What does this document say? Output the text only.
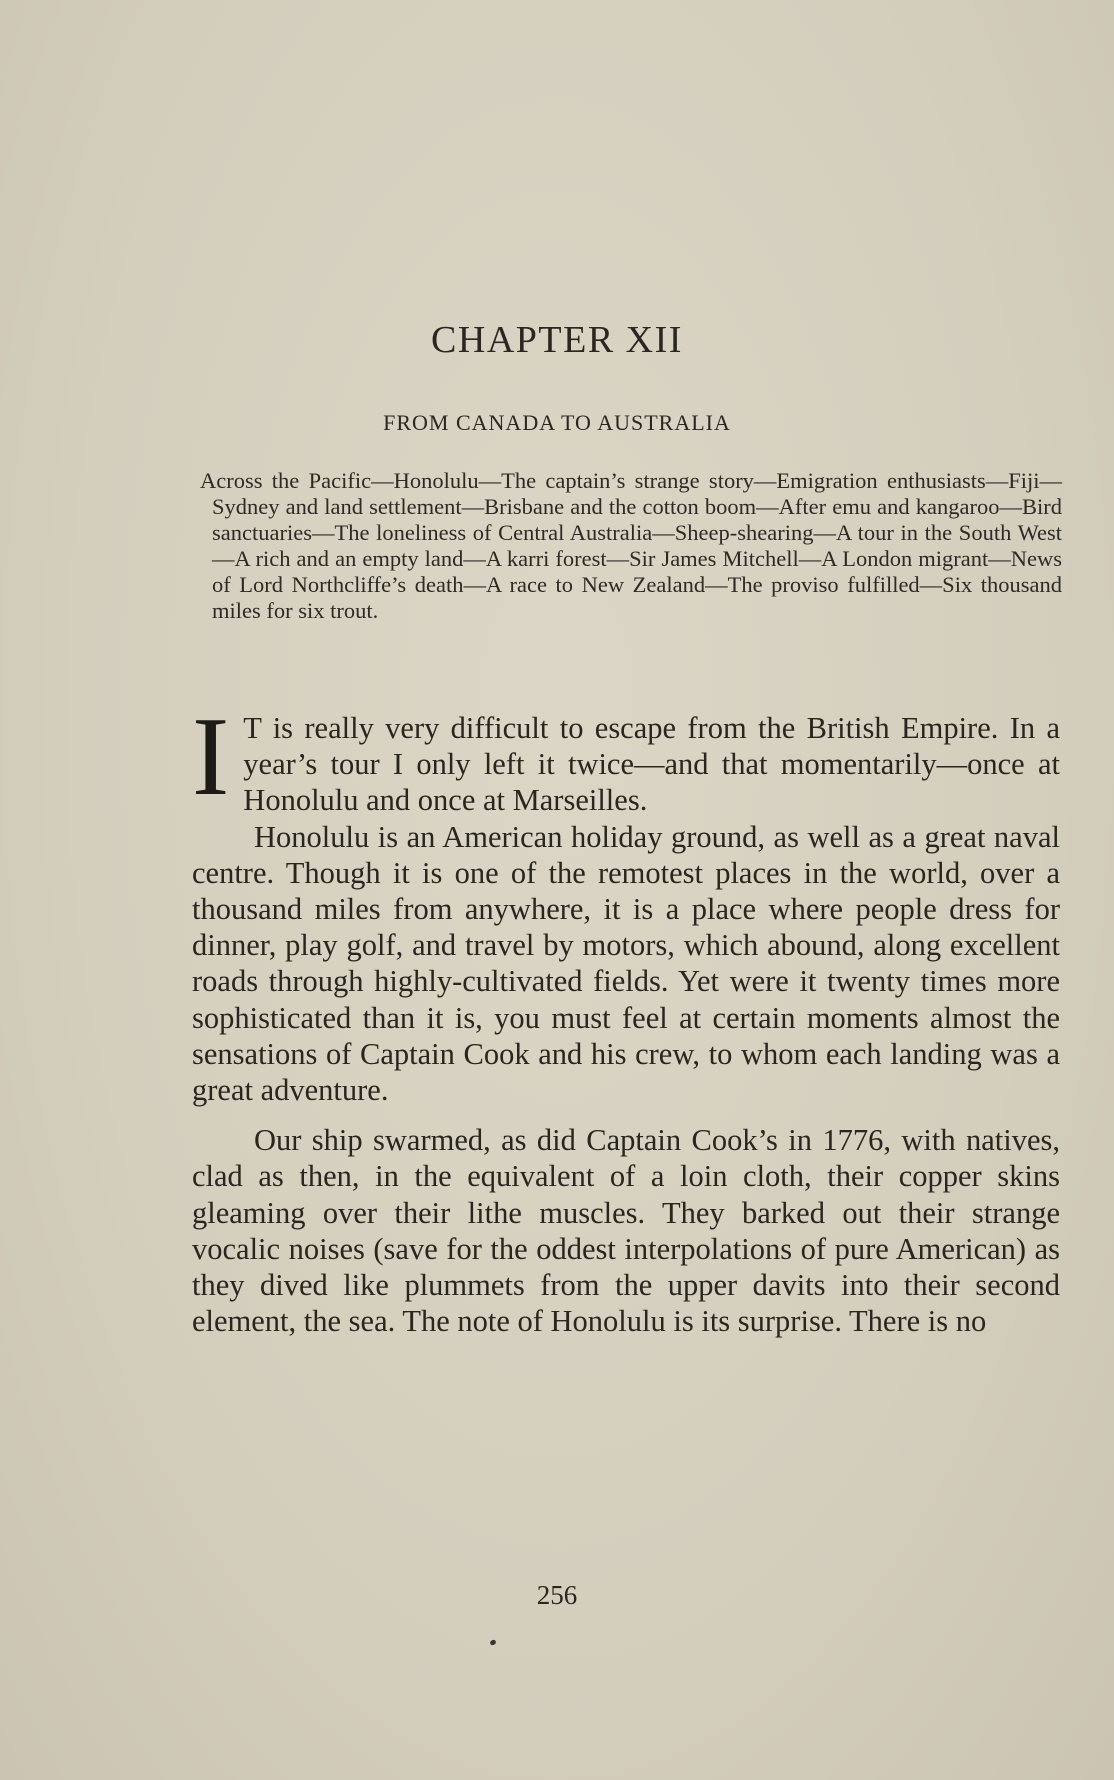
CHAPTER XII
FROM CANADA TO AUSTRALIA
Across the Pacific—Honolulu—The captain’s strange story—Emigration enthusiasts—Fiji—Sydney and land settlement—Brisbane and the cotton boom—After emu and kangaroo—Bird sanctuaries—The loneliness of Central Australia—Sheep-shearing—A tour in the South West—A rich and an empty land—A karri forest—Sir James Mitchell—A London migrant—News of Lord Northcliffe’s death—A race to New Zealand—The proviso fulfilled—Six thousand miles for six trout.

I T is really very difficult to escape from the British Empire. In a year’s tour I only left it twice—and that momentarily—once at Honolulu and once at Marseilles.

Honolulu is an American holiday ground, as well as a great naval centre. Though it is one of the remotest places in the world, over a thousand miles from anywhere, it is a place where people dress for dinner, play golf, and travel by motors, which abound, along excellent roads through highly-cultivated fields. Yet were it twenty times more sophisticated than it is, you must feel at certain moments almost the sensations of Captain Cook and his crew, to whom each landing was a great adventure.

Our ship swarmed, as did Captain Cook’s in 1776, with natives, clad as then, in the equivalent of a loin cloth, their copper skins gleaming over their lithe muscles. They barked out their strange vocalic noises (save for the oddest interpolations of pure American) as they dived like plummets from the upper davits into their second element, the sea. The note of Honolulu is its surprise. There is no

256
